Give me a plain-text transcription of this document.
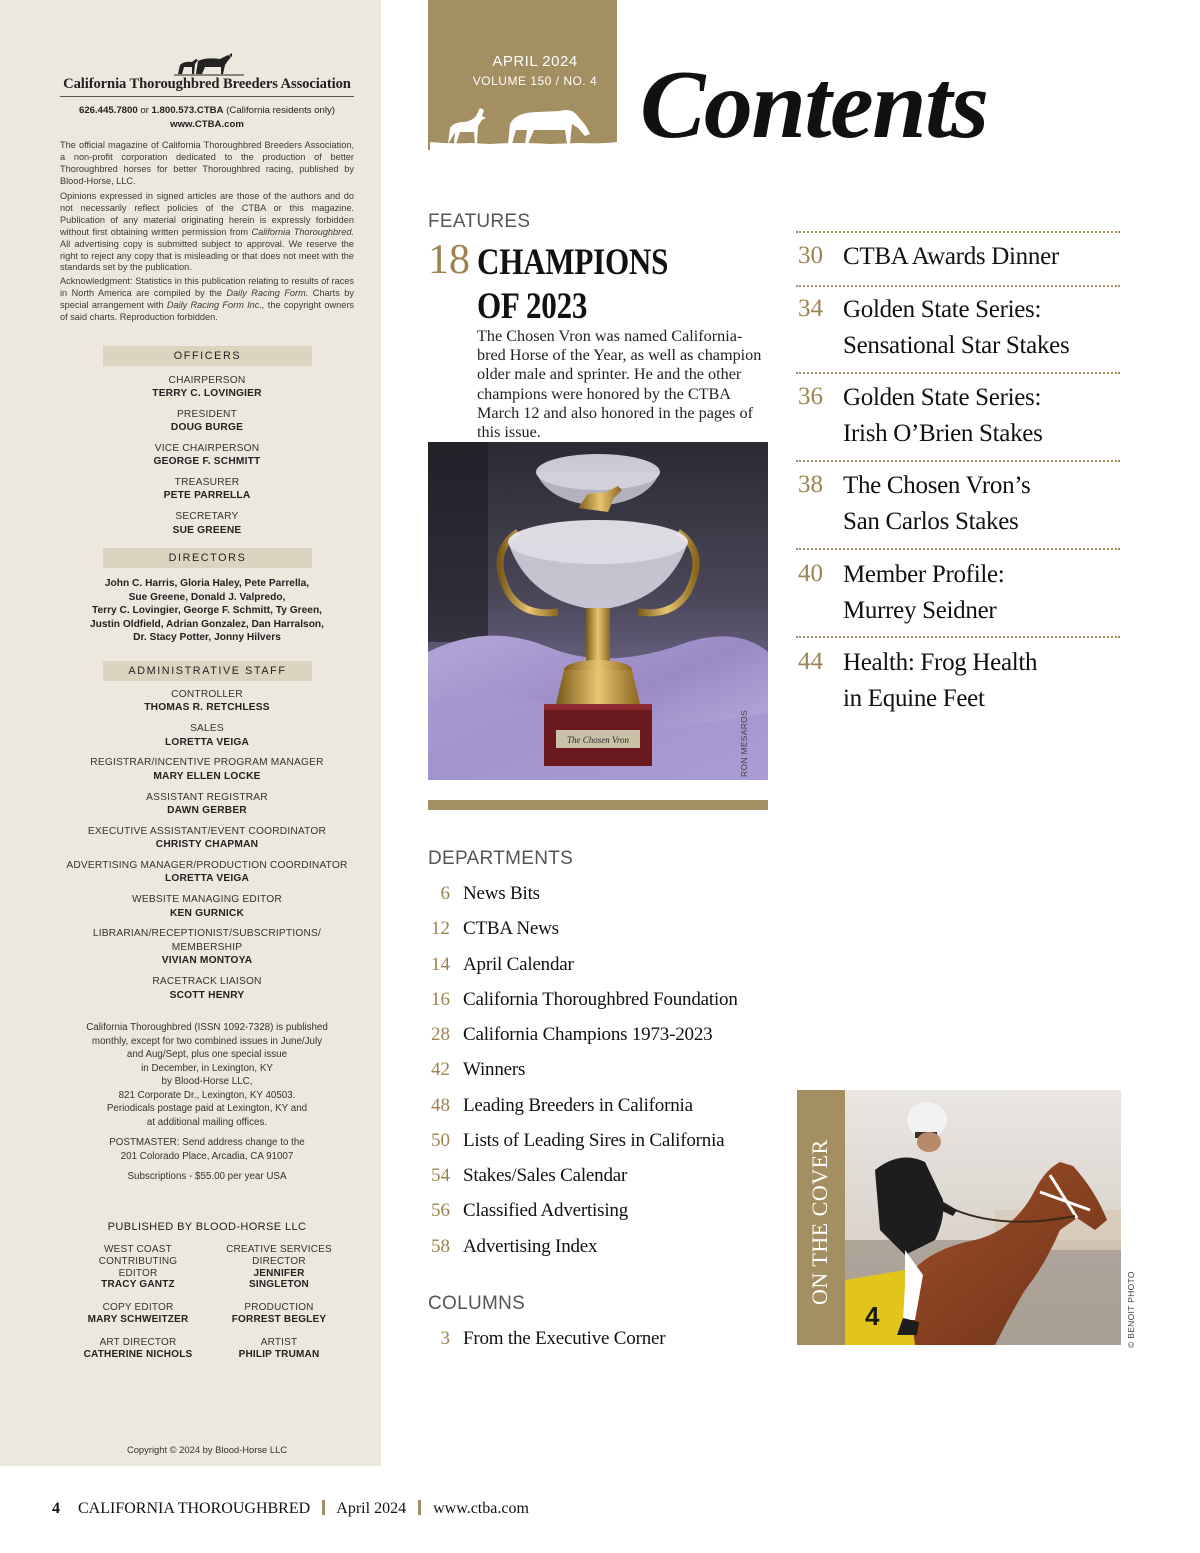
California Thoroughbred Breeders Association
626.445.7800 or 1.800.573.CTBA (California residents only)
www.CTBA.com
The official magazine of California Thoroughbred Breeders Association, a non-profit corporation dedicated to the production of better Thoroughbred horses for better Thoroughbred racing, published by Blood-Horse, LLC.
Opinions expressed in signed articles are those of the authors and do not necessarily reflect policies of the CTBA or this magazine. Publication of any material originating herein is expressly forbidden without first obtaining written permission from California Thoroughbred. All advertising copy is submitted subject to approval. We reserve the right to reject any copy that is misleading or that does not meet with the standards set by the publication.
Acknowledgment: Statistics in this publication relating to results of races in North America are compiled by the Daily Racing Form. Charts by special arrangement with Daily Racing Form Inc., the copyright owners of said charts. Reproduction forbidden.
OFFICERS
CHAIRPERSON
TERRY C. LOVINGIER
PRESIDENT
DOUG BURGE
VICE CHAIRPERSON
GEORGE F. SCHMITT
TREASURER
PETE PARRELLA
SECRETARY
SUE GREENE
DIRECTORS
John C. Harris, Gloria Haley, Pete Parrella,
Sue Greene, Donald J. Valpredo,
Terry C. Lovingier, George F. Schmitt, Ty Green,
Justin Oldfield, Adrian Gonzalez, Dan Harralson,
Dr. Stacy Potter, Jonny Hilvers
ADMINISTRATIVE STAFF
CONTROLLER
THOMAS R. RETCHLESS
SALES
LORETTA VEIGA
REGISTRAR/INCENTIVE PROGRAM MANAGER
MARY ELLEN LOCKE
ASSISTANT REGISTRAR
DAWN GERBER
EXECUTIVE ASSISTANT/EVENT COORDINATOR
CHRISTY CHAPMAN
ADVERTISING MANAGER/PRODUCTION COORDINATOR
LORETTA VEIGA
WEBSITE MANAGING EDITOR
KEN GURNICK
LIBRARIAN/RECEPTIONIST/SUBSCRIPTIONS/
MEMBERSHIP
VIVIAN MONTOYA
RACETRACK LIAISON
SCOTT HENRY
California Thoroughbred (ISSN 1092-7328) is published
monthly, except for two combined issues in June/July
and Aug/Sept, plus one special issue
in December, in Lexington, KY
by Blood-Horse LLC,
821 Corporate Dr., Lexington, KY 40503.
Periodicals postage paid at Lexington, KY and
at additional mailing offices.
POSTMASTER: Send address change to the
201 Colorado Place, Arcadia, CA 91007
Subscriptions - $55.00 per year USA
PUBLISHED BY BLOOD-HORSE LLC
WEST COAST
CONTRIBUTING
EDITOR
TRACY GANTZ
CREATIVE SERVICES
DIRECTOR
JENNIFER
SINGLETON
COPY EDITOR
MARY SCHWEITZER
PRODUCTION
FORREST BEGLEY
ART DIRECTOR
CATHERINE NICHOLS
ARTIST
PHILIP TRUMAN
Copyright © 2024 by Blood-Horse LLC
APRIL 2024
VOLUME 150 / NO. 4 Contents
FEATURES
18 CHAMPIONS
OF 2023
The Chosen Vron was named California-bred Horse of the Year, as well as champion older male and sprinter. He and the other champions were honored by the CTBA March 12 and also honored in the pages of this issue.
The Chosen Vron	RON MESAROS
30 CTBA Awards Dinner
34 Golden State Series:
Sensational Star Stakes
36 Golden State Series:
Irish O’Brien Stakes
38 The Chosen Vron’s
San Carlos Stakes
40 Member Profile:
Murrey Seidner
44 Health: Frog Health
in Equine Feet
DEPARTMENTS
6 News Bits
12 CTBA News
14 April Calendar
16 California Thoroughbred Foundation
28 California Champions 1973-2023
42 Winners
48 Leading Breeders in California
50 Lists of Leading Sires in California
54 Stakes/Sales Calendar
56 Classified Advertising
58 Advertising Index
COLUMNS
3 From the Executive Corner
ON THE COVER
4	© BENOIT PHOTO
4 CALIFORNIA THOROUGHBRED April 2024 www.ctba.com
